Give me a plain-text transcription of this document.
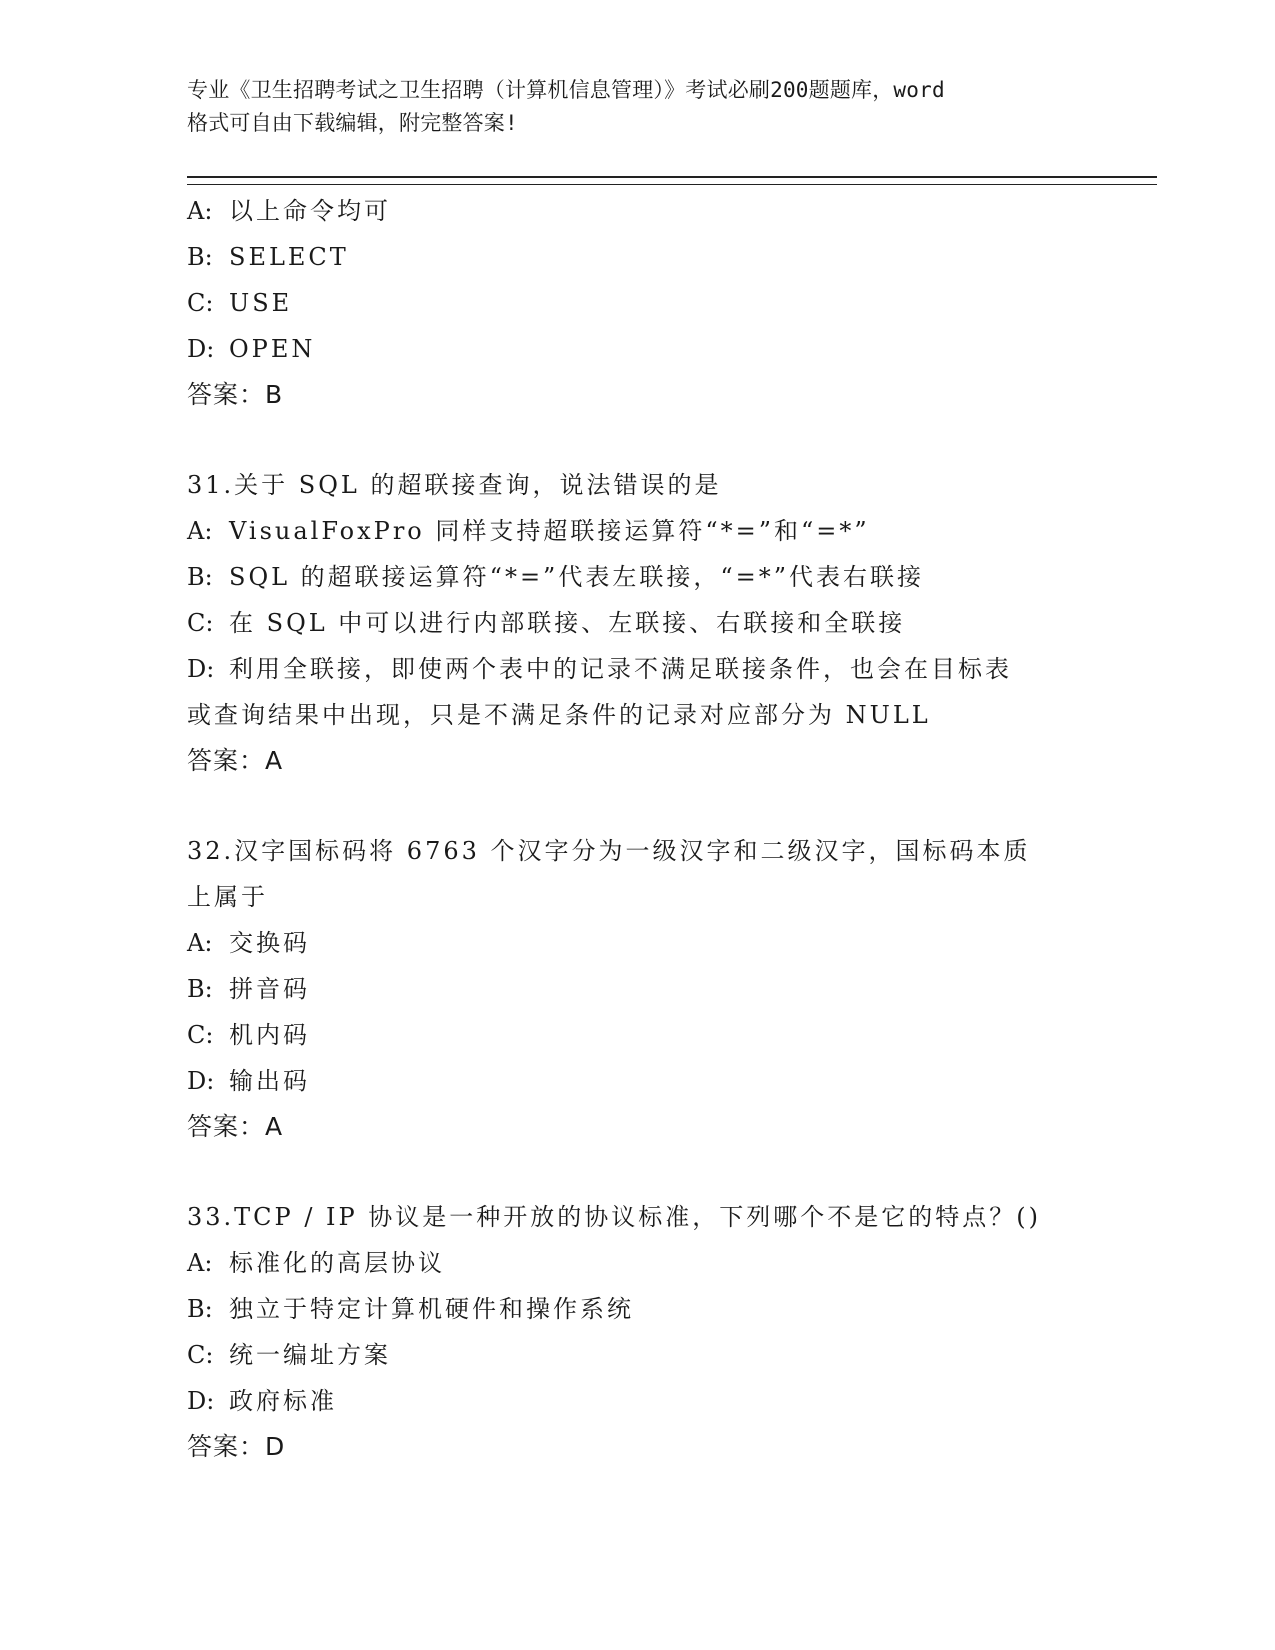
专业《卫生招聘考试之卫生招聘（计算机信息管理）》考试必刷200题题库，word
格式可自由下载编辑，附完整答案!
A: 以上命令均可
B: SELECT
C: USE
D: OPEN
答案：B
31.关于 SQL 的超联接查询，说法错误的是
A: VisualFoxPro 同样支持超联接运算符“*=”和“=*”
B: SQL 的超联接运算符“*=”代表左联接，“=*”代表右联接
C: 在 SQL 中可以进行内部联接、左联接、右联接和全联接
D: 利用全联接，即使两个表中的记录不满足联接条件，也会在目标表
或查询结果中出现，只是不满足条件的记录对应部分为 NULL
答案：A
32.汉字国标码将 6763 个汉字分为一级汉字和二级汉字，国标码本质
上属于
A: 交换码
B: 拼音码
C: 机内码
D: 输出码
答案：A
33.TCP / IP 协议是一种开放的协议标准，下列哪个不是它的特点？()
A: 标准化的高层协议
B: 独立于特定计算机硬件和操作系统
C: 统一编址方案
D: 政府标准
答案：D
